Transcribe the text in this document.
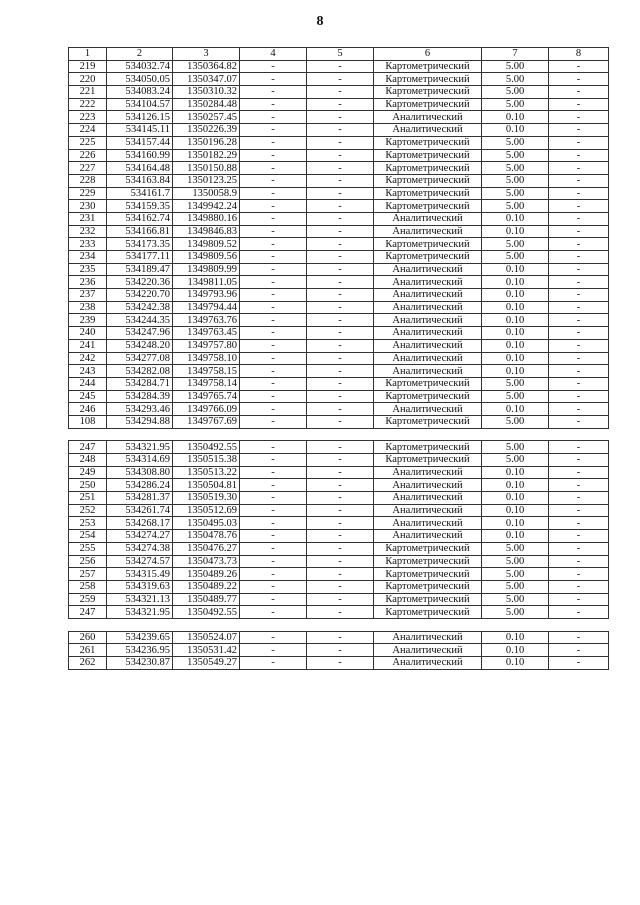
8
1	2	3	4	5	6	7	8
219	534032.74	1350364.82	-	-	Картометрический	5.00	-
220	534050.05	1350347.07	-	-	Картометрический	5.00	-
221	534083.24	1350310.32	-	-	Картометрический	5.00	-
222	534104.57	1350284.48	-	-	Картометрический	5.00	-
223	534126.15	1350257.45	-	-	Аналитический	0.10	-
224	534145.11	1350226.39	-	-	Аналитический	0.10	-
225	534157.44	1350196.28	-	-	Картометрический	5.00	-
226	534160.99	1350182.29	-	-	Картометрический	5.00	-
227	534164.48	1350150.88	-	-	Картометрический	5.00	-
228	534163.84	1350123.25	-	-	Картометрический	5.00	-
229	534161.7	1350058.9	-	-	Картометрический	5.00	-
230	534159.35	1349942.24	-	-	Картометрический	5.00	-
231	534162.74	1349880.16	-	-	Аналитический	0.10	-
232	534166.81	1349846.83	-	-	Аналитический	0.10	-
233	534173.35	1349809.52	-	-	Картометрический	5.00	-
234	534177.11	1349809.56	-	-	Картометрический	5.00	-
235	534189.47	1349809.99	-	-	Аналитический	0.10	-
236	534220.36	1349811.05	-	-	Аналитический	0.10	-
237	534220.70	1349793.96	-	-	Аналитический	0.10	-
238	534242.38	1349794.44	-	-	Аналитический	0.10	-
239	534244.35	1349763.76	-	-	Аналитический	0.10	-
240	534247.96	1349763.45	-	-	Аналитический	0.10	-
241	534248.20	1349757.80	-	-	Аналитический	0.10	-
242	534277.08	1349758.10	-	-	Аналитический	0.10	-
243	534282.08	1349758.15	-	-	Аналитический	0.10	-
244	534284.71	1349758.14	-	-	Картометрический	5.00	-
245	534284.39	1349765.74	-	-	Картометрический	5.00	-
246	534293.46	1349766.09	-	-	Аналитический	0.10	-
108	534294.88	1349767.69	-	-	Картометрический	5.00	-

247	534321.95	1350492.55	-	-	Картометрический	5.00	-
248	534314.69	1350515.38	-	-	Картометрический	5.00	-
249	534308.80	1350513.22	-	-	Аналитический	0.10	-
250	534286.24	1350504.81	-	-	Аналитический	0.10	-
251	534281.37	1350519.30	-	-	Аналитический	0.10	-
252	534261.74	1350512.69	-	-	Аналитический	0.10	-
253	534268.17	1350495.03	-	-	Аналитический	0.10	-
254	534274.27	1350478.76	-	-	Аналитический	0.10	-
255	534274.38	1350476.27	-	-	Картометрический	5.00	-
256	534274.57	1350473.73	-	-	Картометрический	5.00	-
257	534315.49	1350489.26	-	-	Картометрический	5.00	-
258	534319.63	1350489.22	-	-	Картометрический	5.00	-
259	534321.13	1350489.77	-	-	Картометрический	5.00	-
247	534321.95	1350492.55	-	-	Картометрический	5.00	-

260	534239.65	1350524.07	-	-	Аналитический	0.10	-
261	534236.95	1350531.42	-	-	Аналитический	0.10	-
262	534230.87	1350549.27	-	-	Аналитический	0.10	-
